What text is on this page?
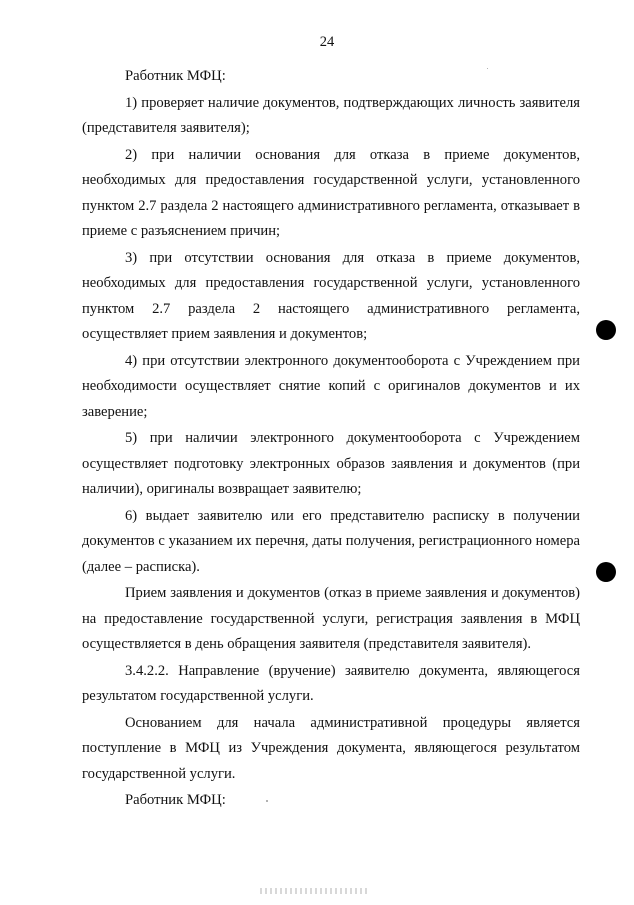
24

Работник МФЦ:

1) проверяет наличие документов, подтверждающих личность заявителя (представителя заявителя);

2) при наличии основания для отказа в приеме документов, необходимых для предоставления государственной услуги, установленного пунктом 2.7 раздела 2 настоящего административного регламента, отказывает в приеме с разъяснением причин;

3) при отсутствии основания для отказа в приеме документов, необходимых для предоставления государственной услуги, установленного пунктом 2.7 раздела 2 настоящего административного регламента, осуществляет прием заявления и документов;

4) при отсутствии электронного документооборота с Учреждением при необходимости осуществляет снятие копий с оригиналов документов и их заверение;

5) при наличии электронного документооборота с Учреждением осуществляет подготовку электронных образов заявления и документов (при наличии), оригиналы возвращает заявителю;

6) выдает заявителю или его представителю расписку в получении документов с указанием их перечня, даты получения, регистрационного номера (далее – расписка).

Прием заявления и документов (отказ в приеме заявления и документов) на предоставление государственной услуги, регистрация заявления в МФЦ осуществляется в день обращения заявителя (представителя заявителя).

3.4.2.2. Направление (вручение) заявителю документа, являющегося результатом государственной услуги.

Основанием для начала административной процедуры является поступление в МФЦ из Учреждения документа, являющегося результатом государственной услуги.

Работник МФЦ:
